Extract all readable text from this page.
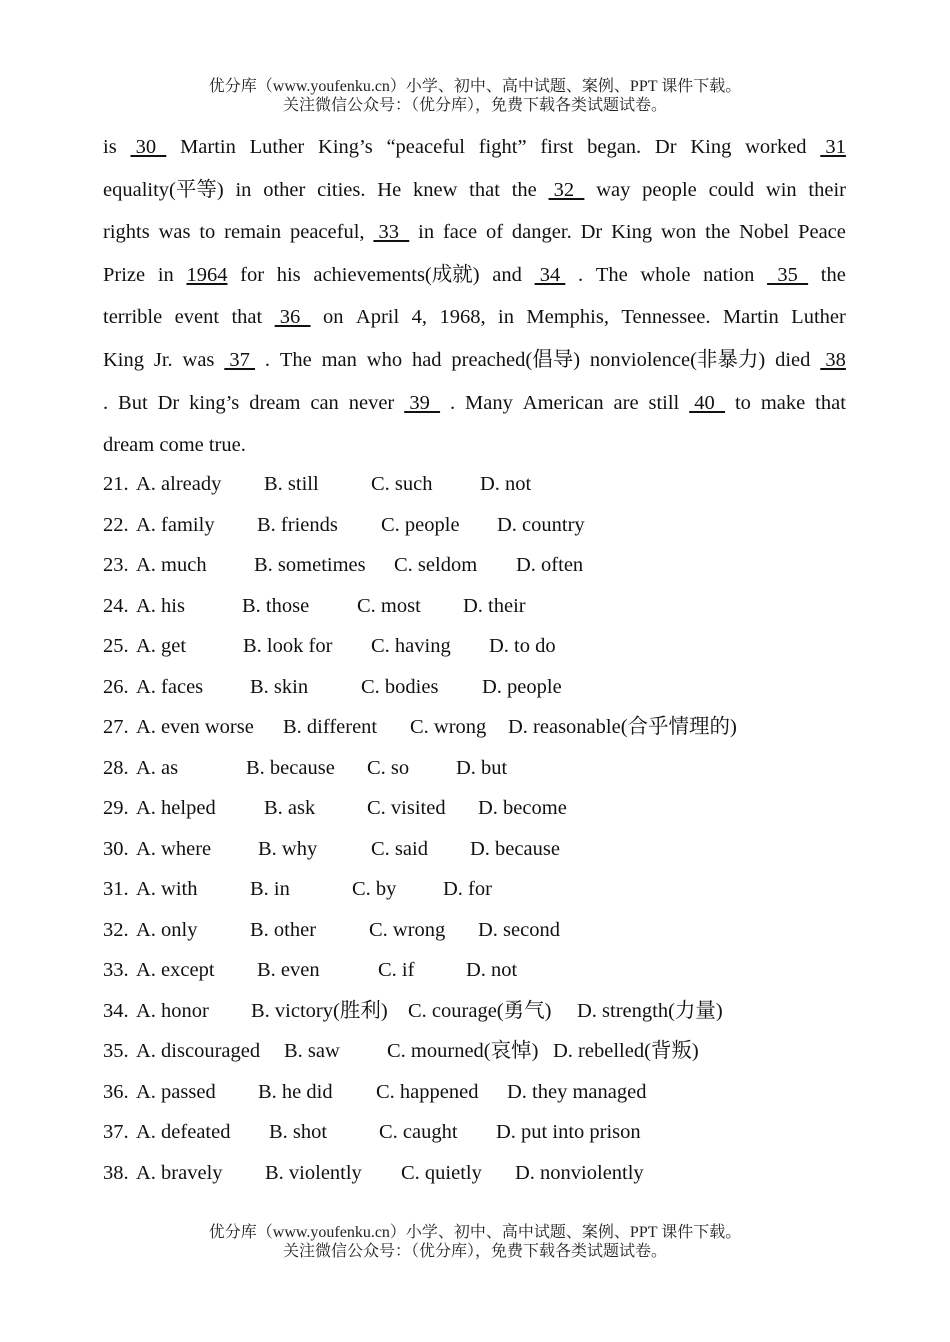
优分库（www.youfenku.cn）小学、初中、高中试题、案例、PPT 课件下载。
关注微信公众号：（优分库），免费下载各类试题试卷。
is 30 Martin Luther King’s “peaceful fight” first began. Dr King worked 31
equality(平等) in other cities. He knew that the 32 way people could win their
rights was to remain peaceful, 33 in face of danger. Dr King won the Nobel Peace
Prize in 1964 for his achievements(成就) and 34 . The whole nation 35 the
terrible event that 36 on April 4, 1968, in Memphis, Tennessee. Martin Luther
King Jr. was 37 . The man who had preached(倡导) nonviolence(非暴力) died 38
. But Dr king’s dream can never 39 . Many American are still 40 to make that
dream come true.
21. A. already B. still	C. such D. not
22. A. family B. friends C. people D. country
23. A. much B. sometimes C. seldom D. often
24. A. his	B. those C. most D. their
25. A. get	B. look for C. having D. to do
26. A. faces B. skin	C. bodies D. people
27. A. even worse B. different C. wrong D. reasonable(合乎情理的)
28. A. as	B. because C. so D. but
29. A. helped B. ask	C. visited D. become
30. A. where B. why	C. said D. because
31. A. with	B. in	C. by D. for
32. A. only	B. other	C. wrong D. second
33. A. except B. even	C. if	D. not
34. A. honor B. victory(胜利) C. courage(勇气) D. strength(力量)
35. A. discouraged B. saw C. mourned(哀悼) D. rebelled(背叛)
36. A. passed B. he did C. happened D. they managed
37. A. defeated B. shot	C. caught D. put into prison
38. A. bravely B. violently C. quietly D. nonviolently
优分库（www.youfenku.cn）小学、初中、高中试题、案例、PPT 课件下载。
关注微信公众号：（优分库），免费下载各类试题试卷。
